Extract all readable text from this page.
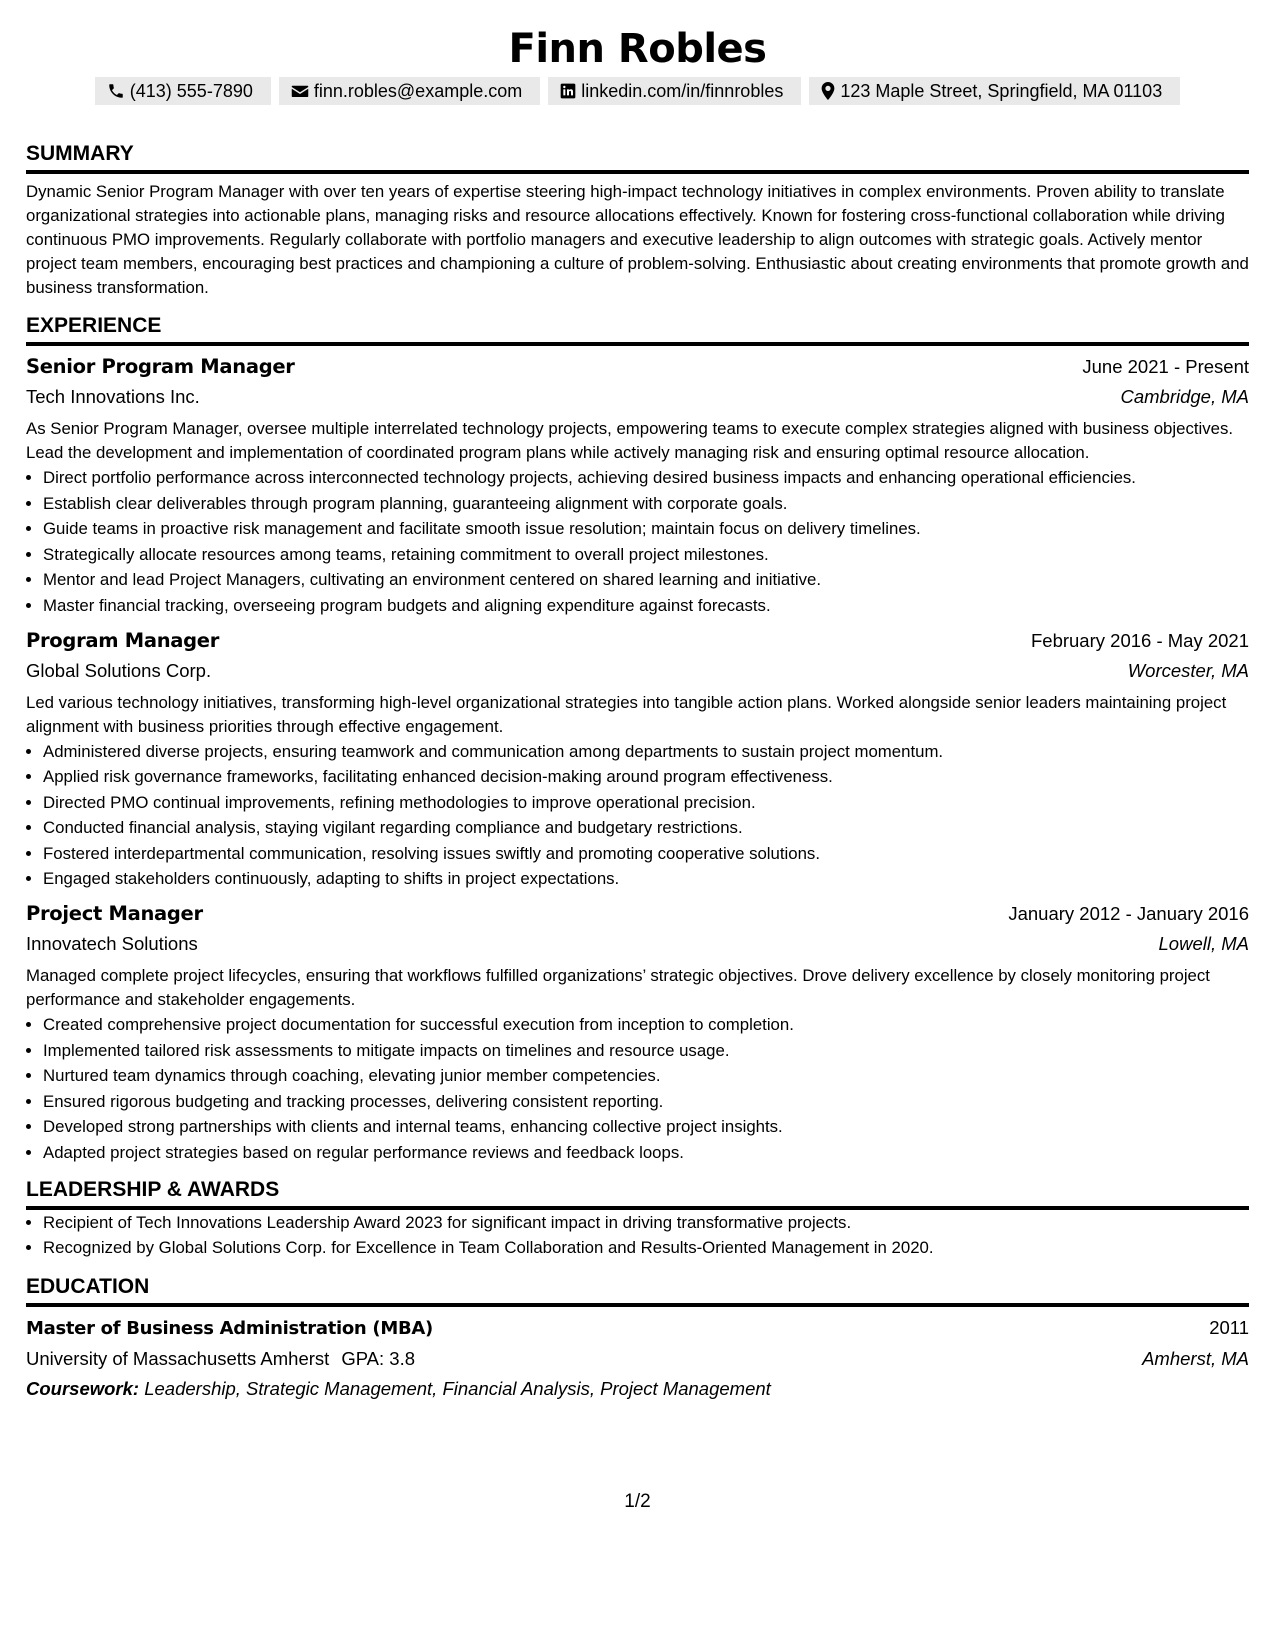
Finn Robles
(413) 555-7890	finn.robles@example.com	linkedin.com/in/finnrobles	123 Maple Street, Springfield, MA 01103
SUMMARY

Dynamic Senior Program Manager with over ten years of expertise steering high-impact technology initiatives in complex environments. Proven ability to translate organizational strategies into actionable plans, managing risks and resource allocations effectively. Known for fostering cross-functional collaboration while driving continuous PMO improvements. Regularly collaborate with portfolio managers and executive leadership to align outcomes with strategic goals. Actively mentor project team members, encouraging best practices and championing a culture of problem-solving. Enthusiastic about creating environments that promote growth and business transformation.

EXPERIENCE
Senior Program Manager	June 2021 - Present
Tech Innovations Inc.	Cambridge, MA

As Senior Program Manager, oversee multiple interrelated technology projects, empowering teams to execute complex strategies aligned with business objectives. Lead the development and implementation of coordinated program plans while actively managing risk and ensuring optimal resource allocation.

• Direct portfolio performance across interconnected technology projects, achieving desired business impacts and enhancing operational efficiencies.
• Establish clear deliverables through program planning, guaranteeing alignment with corporate goals.
• Guide teams in proactive risk management and facilitate smooth issue resolution; maintain focus on delivery timelines.
• Strategically allocate resources among teams, retaining commitment to overall project milestones.
• Mentor and lead Project Managers, cultivating an environment centered on shared learning and initiative.
• Master financial tracking, overseeing program budgets and aligning expenditure against forecasts.
Program Manager	February 2016 - May 2021
Global Solutions Corp.	Worcester, MA

Led various technology initiatives, transforming high-level organizational strategies into tangible action plans. Worked alongside senior leaders maintaining project alignment with business priorities through effective engagement.

• Administered diverse projects, ensuring teamwork and communication among departments to sustain project momentum.
• Applied risk governance frameworks, facilitating enhanced decision-making around program effectiveness.
• Directed PMO continual improvements, refining methodologies to improve operational precision.
• Conducted financial analysis, staying vigilant regarding compliance and budgetary restrictions.
• Fostered interdepartmental communication, resolving issues swiftly and promoting cooperative solutions.
• Engaged stakeholders continuously, adapting to shifts in project expectations.
Project Manager	January 2012 - January 2016
Innovatech Solutions	Lowell, MA

Managed complete project lifecycles, ensuring that workflows fulfilled organizations’ strategic objectives. Drove delivery excellence by closely monitoring project performance and stakeholder engagements.

• Created comprehensive project documentation for successful execution from inception to completion.
• Implemented tailored risk assessments to mitigate impacts on timelines and resource usage.
• Nurtured team dynamics through coaching, elevating junior member competencies.
• Ensured rigorous budgeting and tracking processes, delivering consistent reporting.
• Developed strong partnerships with clients and internal teams, enhancing collective project insights.
• Adapted project strategies based on regular performance reviews and feedback loops.
LEADERSHIP & AWARDS
• Recipient of Tech Innovations Leadership Award 2023 for significant impact in driving transformative projects.
• Recognized by Global Solutions Corp. for Excellence in Team Collaboration and Results-Oriented Management in 2020.
EDUCATION
Master of Business Administration (MBA)	2011
University of Massachusetts Amherst GPA: 3.8	Amherst, MA
Coursework: Leadership, Strategic Management, Financial Analysis, Project Management
1/2
